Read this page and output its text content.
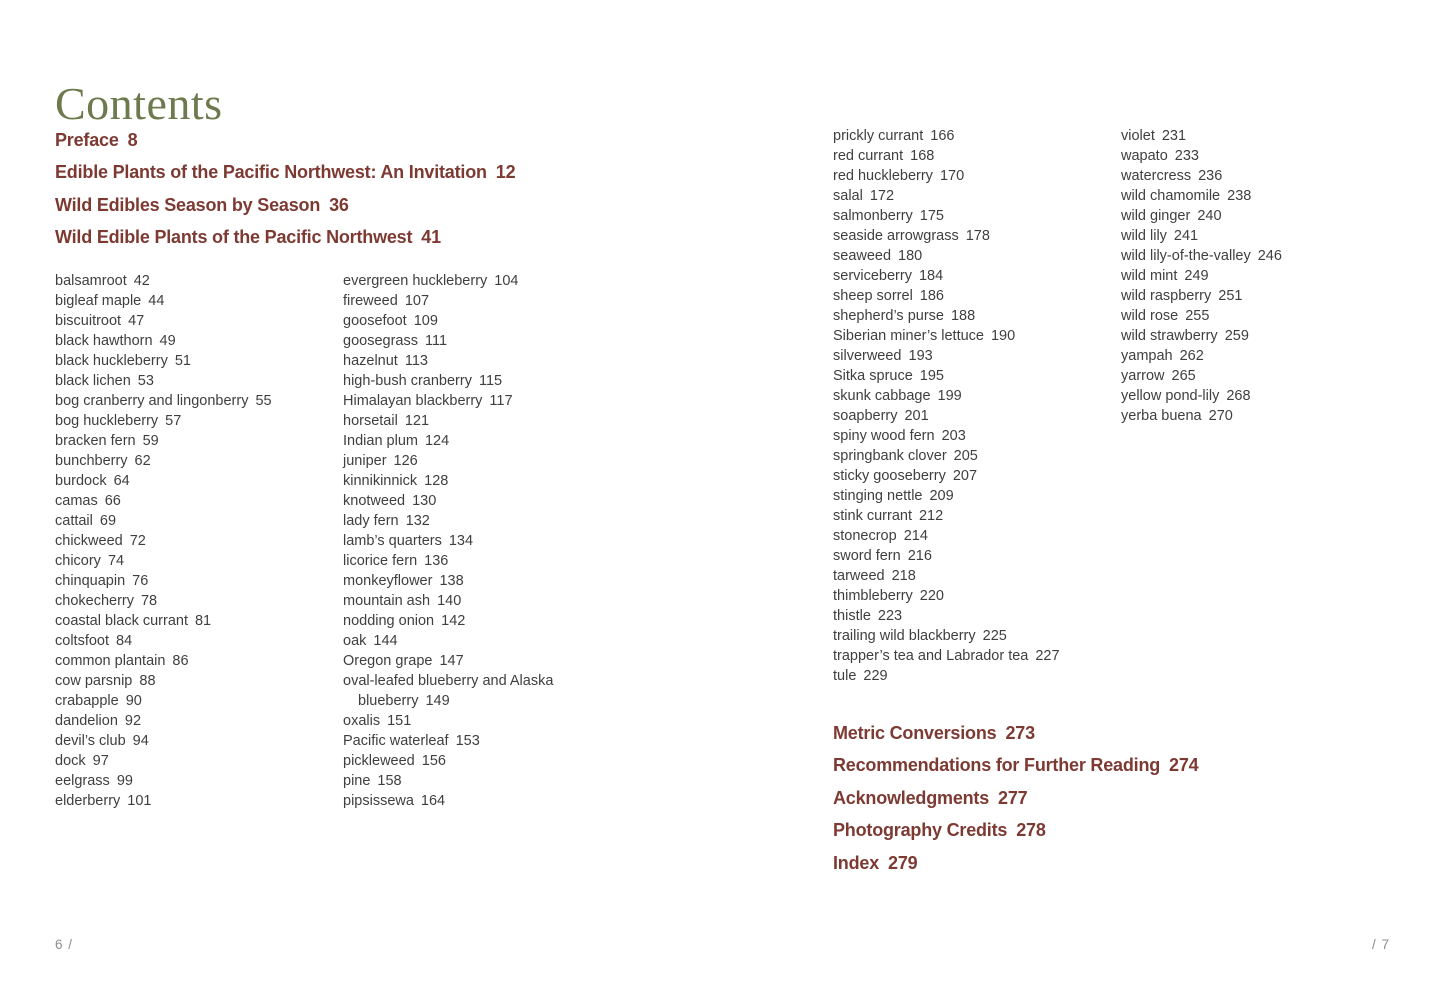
Contents
Preface 8
Edible Plants of the Pacific Northwest: An Invitation 12
Wild Edibles Season by Season 36
Wild Edible Plants of the Pacific Northwest 41
balsamroot 42
bigleaf maple 44
biscuitroot 47
black hawthorn 49
black huckleberry 51
black lichen 53
bog cranberry and lingonberry 55
bog huckleberry 57
bracken fern 59
bunchberry 62
burdock 64
camas 66
cattail 69
chickweed 72
chicory 74
chinquapin 76
chokecherry 78
coastal black currant 81
coltsfoot 84
common plantain 86
cow parsnip 88
crabapple 90
dandelion 92
devil’s club 94
dock 97
eelgrass 99
elderberry 101
evergreen huckleberry 104
fireweed 107
goosefoot 109
goosegrass 111
hazelnut 113
high-bush cranberry 115
Himalayan blackberry 117
horsetail 121
Indian plum 124
juniper 126
kinnikinnick 128
knotweed 130
lady fern 132
lamb’s quarters 134
licorice fern 136
monkeyflower 138
mountain ash 140
nodding onion 142
oak 144
Oregon grape 147
oval-leafed blueberry and Alaska blueberry 149
oxalis 151
Pacific waterleaf 153
pickleweed 156
pine 158
pipsissewa 164
prickly currant 166
red currant 168
red huckleberry 170
salal 172
salmonberry 175
seaside arrowgrass 178
seaweed 180
serviceberry 184
sheep sorrel 186
shepherd’s purse 188
Siberian miner’s lettuce 190
silverweed 193
Sitka spruce 195
skunk cabbage 199
soapberry 201
spiny wood fern 203
springbank clover 205
sticky gooseberry 207
stinging nettle 209
stink currant 212
stonecrop 214
sword fern 216
tarweed 218
thimbleberry 220
thistle 223
trailing wild blackberry 225
trapper’s tea and Labrador tea 227
tule 229
violet 231
wapato 233
watercress 236
wild chamomile 238
wild ginger 240
wild lily 241
wild lily-of-the-valley 246
wild mint 249
wild raspberry 251
wild rose 255
wild strawberry 259
yampah 262
yarrow 265
yellow pond-lily 268
yerba buena 270
Metric Conversions 273
Recommendations for Further Reading 274
Acknowledgments 277
Photography Credits 278
Index 279
6 /	/ 7
